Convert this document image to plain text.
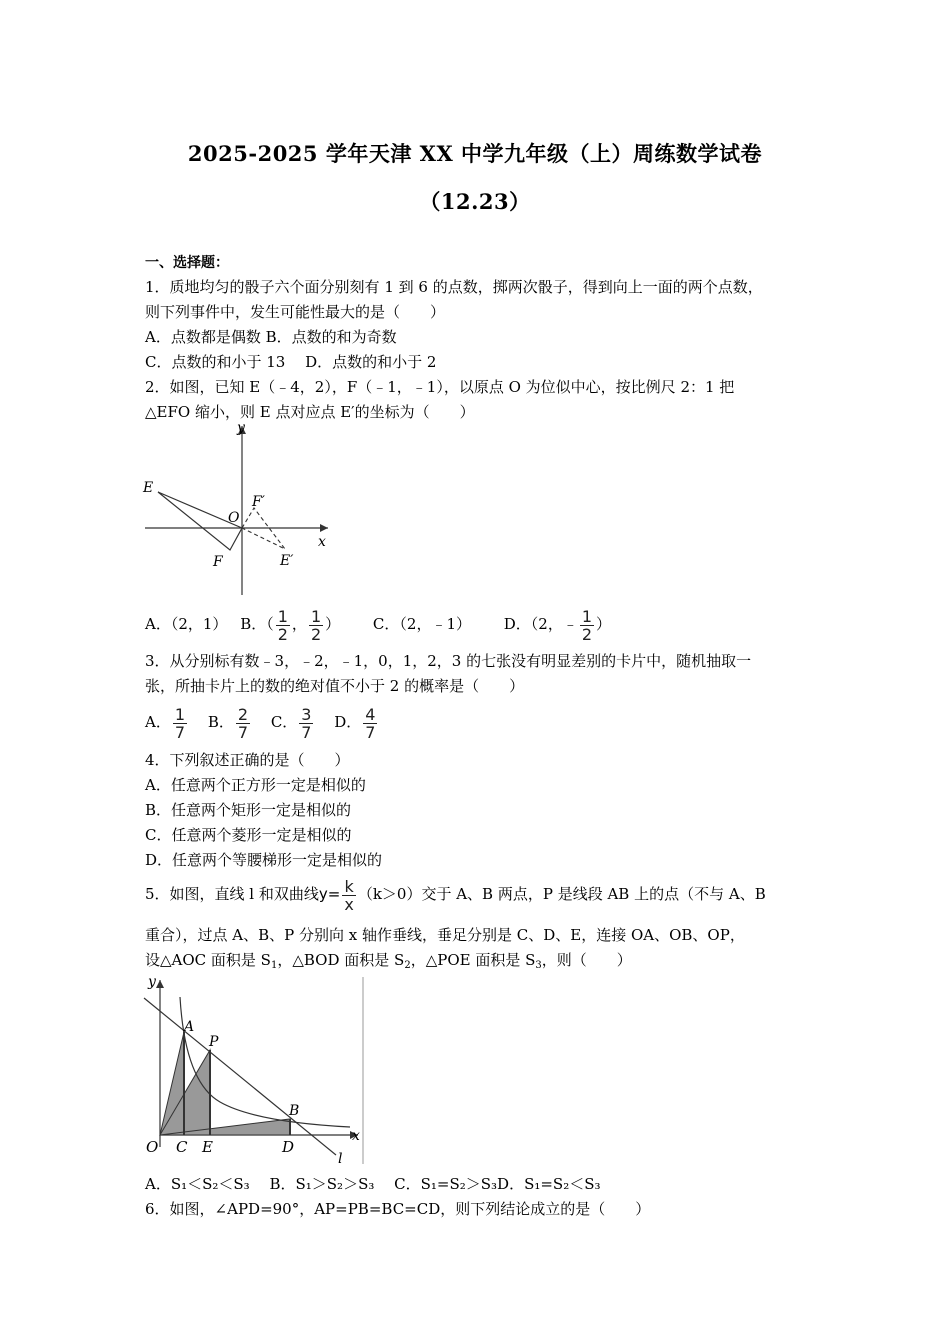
2025-2025 学年天津 XX 中学九年级（上）周练数学试卷
（12.23）
一、选择题：
1．质地均匀的骰子六个面分别刻有 1 到 6 的点数，掷两次骰子，得到向上一面的两个点数，
则下列事件中，发生可能性最大的是（　　）
A．点数都是偶数 B．点数的和为奇数
C．点数的和小于 13　 D．点数的和小于 2
2．如图，已知 E（﹣4，2），F（﹣1，﹣1），以原点 O 为位似中心，按比例尺 2：1 把
△EFO 缩小，则 E 点对应点 E′的坐标为（　　）
y
x
O
E
F
F′
E′
A．（2，1） B．（ $\frac{1}{2}$ ， $\frac{1}{2}$ ） C．（2，﹣1） D．（2，﹣ $\frac{1}{2}$ ）
3．从分别标有数﹣3，﹣2，﹣1，0，1，2，3 的七张没有明显差别的卡片中，随机抽取一
张，所抽卡片上的数的绝对值不小于 2 的概率是（　　）
A． $\frac{1}{7}$ B． $\frac{2}{7}$ C． $\frac{3}{7}$ D． $\frac{4}{7}$
4．下列叙述正确的是（　　）
A．任意两个正方形一定是相似的
B．任意两个矩形一定是相似的
C．任意两个菱形一定是相似的
D．任意两个等腰梯形一定是相似的
5．如图，直线 l 和双曲线$y= \frac{k}{x} (k>0)$交于 A、B 两点，P 是线段 AB 上的点（不与 A、B
重合），过点 A、B、P 分别向 x 轴作垂线，垂足分别是 C、D、E，连接 OA、OB、OP，
设△AOC 面积是 $S_1$，△BOD 面积是 $S_2$，△POE 面积是 $S_3$，则（　　）
y
x
O
A
P
B
C E	D
l
A．S₁＜S₂＜S₃　 B．S₁＞S₂＞S₃　 C．S₁=S₂＞S₃D．S₁=S₂＜S₃
6．如图，∠APD=90°，AP=PB=BC=CD，则下列结论成立的是（　　）
